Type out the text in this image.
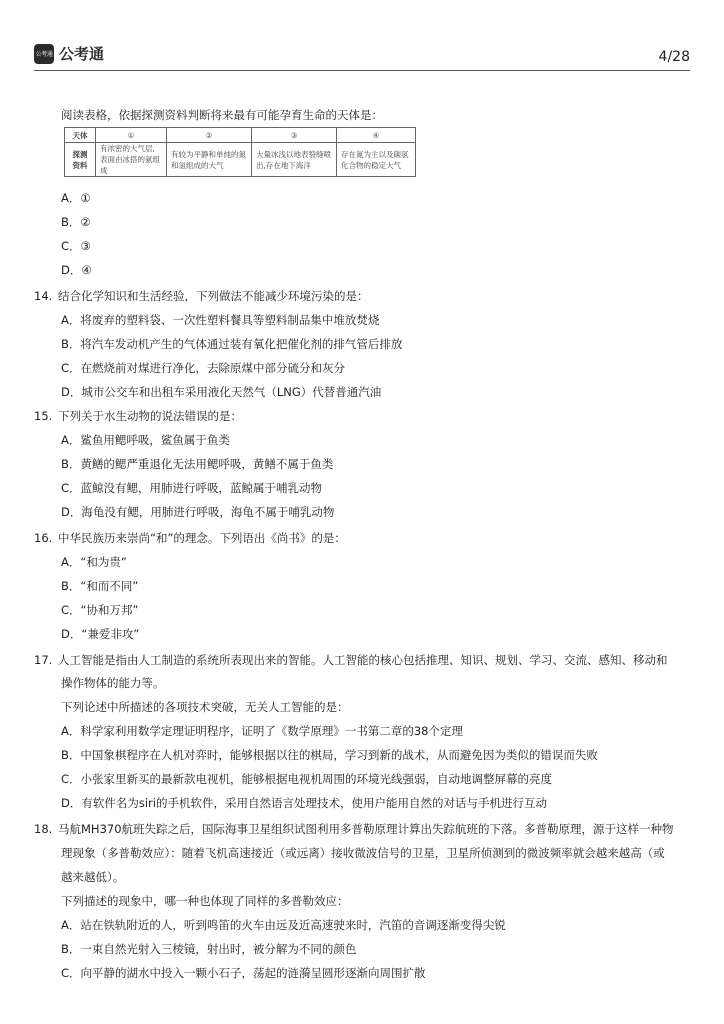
公考通 公考通	4/28
阅读表格，依据探测资料判断将来最有可能孕育生命的天体是：
天体	①	②	③	④
探测资料	有浓密的大气层,表面由冰搭的氨组成	有较为平静和单纯的氮和氢组成的大气	大量冰浅以地表裂缝喷出,存在地下海洋	存在氮为主以及碳氢化合物的稳定大气
A．①
B．②
C．③
D．④
14. 结合化学知识和生活经验，下列做法不能减少环境污染的是：
A．将废弃的塑料袋、一次性塑料餐具等塑料制品集中堆放焚烧
B．将汽车发动机产生的气体通过装有氧化把催化剂的排气管后排放
C．在燃烧前对煤进行净化，去除原煤中部分硫分和灰分
D．城市公交车和出租车采用液化天然气（LNG）代替普通汽油
15. 下列关于水生动物的说法错误的是：
A．鲨鱼用鳃呼吸，鲨鱼属于鱼类
B．黄鳝的鳃严重退化无法用鳃呼吸，黄鳝不属于鱼类
C．蓝鲸没有鳃，用肺进行呼吸，蓝鲸属于哺乳动物
D．海龟没有鳃，用肺进行呼吸，海龟不属于哺乳动物
16. 中华民族历来崇尚“和”的理念。下列语出《尚书》的是：
A．“和为贵”
B．“和而不同”
C．“协和万邦”
D．“兼爱非攻”
17. 人工智能是指由人工制造的系统所表现出来的智能。人工智能的核心包括推理、知识、规划、学习、交流、感知、移动和
操作物体的能力等。
下列论述中所描述的各项技术突破，无关人工智能的是：
A．科学家利用数学定理证明程序，证明了《数学原理》一书第二章的38个定理
B．中国象棋程序在人机对弈时，能够根据以往的棋局，学习到新的战术，从而避免因为类似的错误而失败
C．小张家里新买的最新款电视机，能够根据电视机周围的环境光线强弱，自动地调整屏幕的亮度
D．有软件名为siri的手机软件，采用自然语言处理技术，使用户能用自然的对话与手机进行互动
18. 马航MH370航班失踪之后，国际海事卫星组织试图利用多普勒原理计算出失踪航班的下落。多普勒原理，源于这样一种物
理现象（多普勒效应）：随着飞机高速接近（或远离）接收微波信号的卫星，卫星所侦测到的微波频率就会越来越高（或
越来越低）。
下列描述的现象中，哪一种也体现了同样的多普勒效应：
A．站在铁轨附近的人，听到鸣笛的火车由远及近高速驶来时，汽笛的音调逐渐变得尖锐
B．一束自然光射入三棱镜，射出时，被分解为不同的颜色
C．向平静的湖水中投入一颗小石子，荡起的涟漪呈圆形逐渐向周围扩散
